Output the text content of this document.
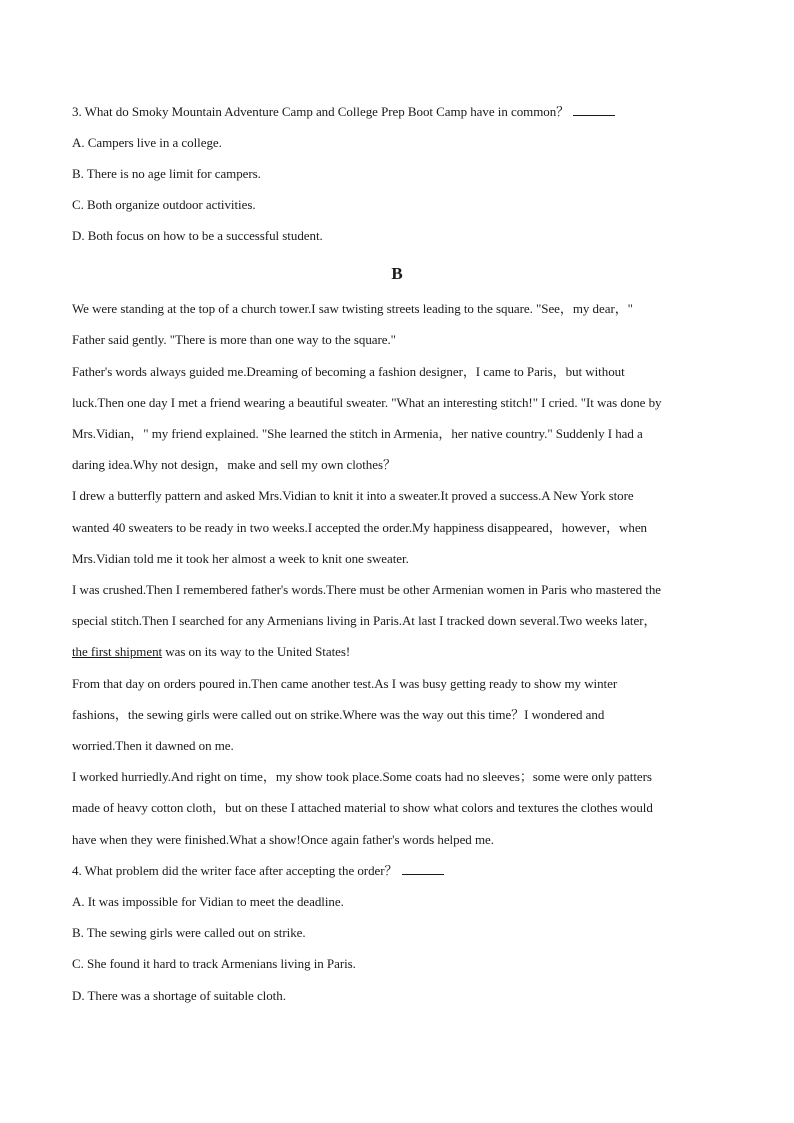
3. What do Smoky Mountain Adventure Camp and College Prep Boot Camp have in common？
A. Campers live in a college.
B. There is no age limit for campers.
C. Both organize outdoor activities.
D. Both focus on how to be a successful student.
B
We were standing at the top of a church tower.I saw twisting streets leading to the square. "See，my dear，"
Father said gently. "There is more than one way to the square."
Father's words always guided me.Dreaming of becoming a fashion designer，I came to Paris，but without
luck.Then one day I met a friend wearing a beautiful sweater. "What an interesting stitch!" I cried. "It was done by
Mrs.Vidian，" my friend explained. "She learned the stitch in Armenia，her native country." Suddenly I had a
daring idea.Why not design，make and sell my own clothes？
I drew a butterfly pattern and asked Mrs.Vidian to knit it into a sweater.It proved a success.A New York store
wanted 40 sweaters to be ready in two weeks.I accepted the order.My happiness disappeared，however，when
Mrs.Vidian told me it took her almost a week to knit one sweater.
I was crushed.Then I remembered father's words.There must be other Armenian women in Paris who mastered the
special stitch.Then I searched for any Armenians living in Paris.At last I tracked down several.Two weeks later，
the first shipment was on its way to the United States!
From that day on orders poured in.Then came another test.As I was busy getting ready to show my winter
fashions，the sewing girls were called out on strike.Where was the way out this time？I wondered and
worried.Then it dawned on me.
I worked hurriedly.And right on time，my show took place.Some coats had no sleeves；some were only patters
made of heavy cotton cloth，but on these I attached material to show what colors and textures the clothes would
have when they were finished.What a show!Once again father's words helped me.
4. What problem did the writer face after accepting the order？
A. It was impossible for Vidian to meet the deadline.
B. The sewing girls were called out on strike.
C. She found it hard to track Armenians living in Paris.
D. There was a shortage of suitable cloth.
